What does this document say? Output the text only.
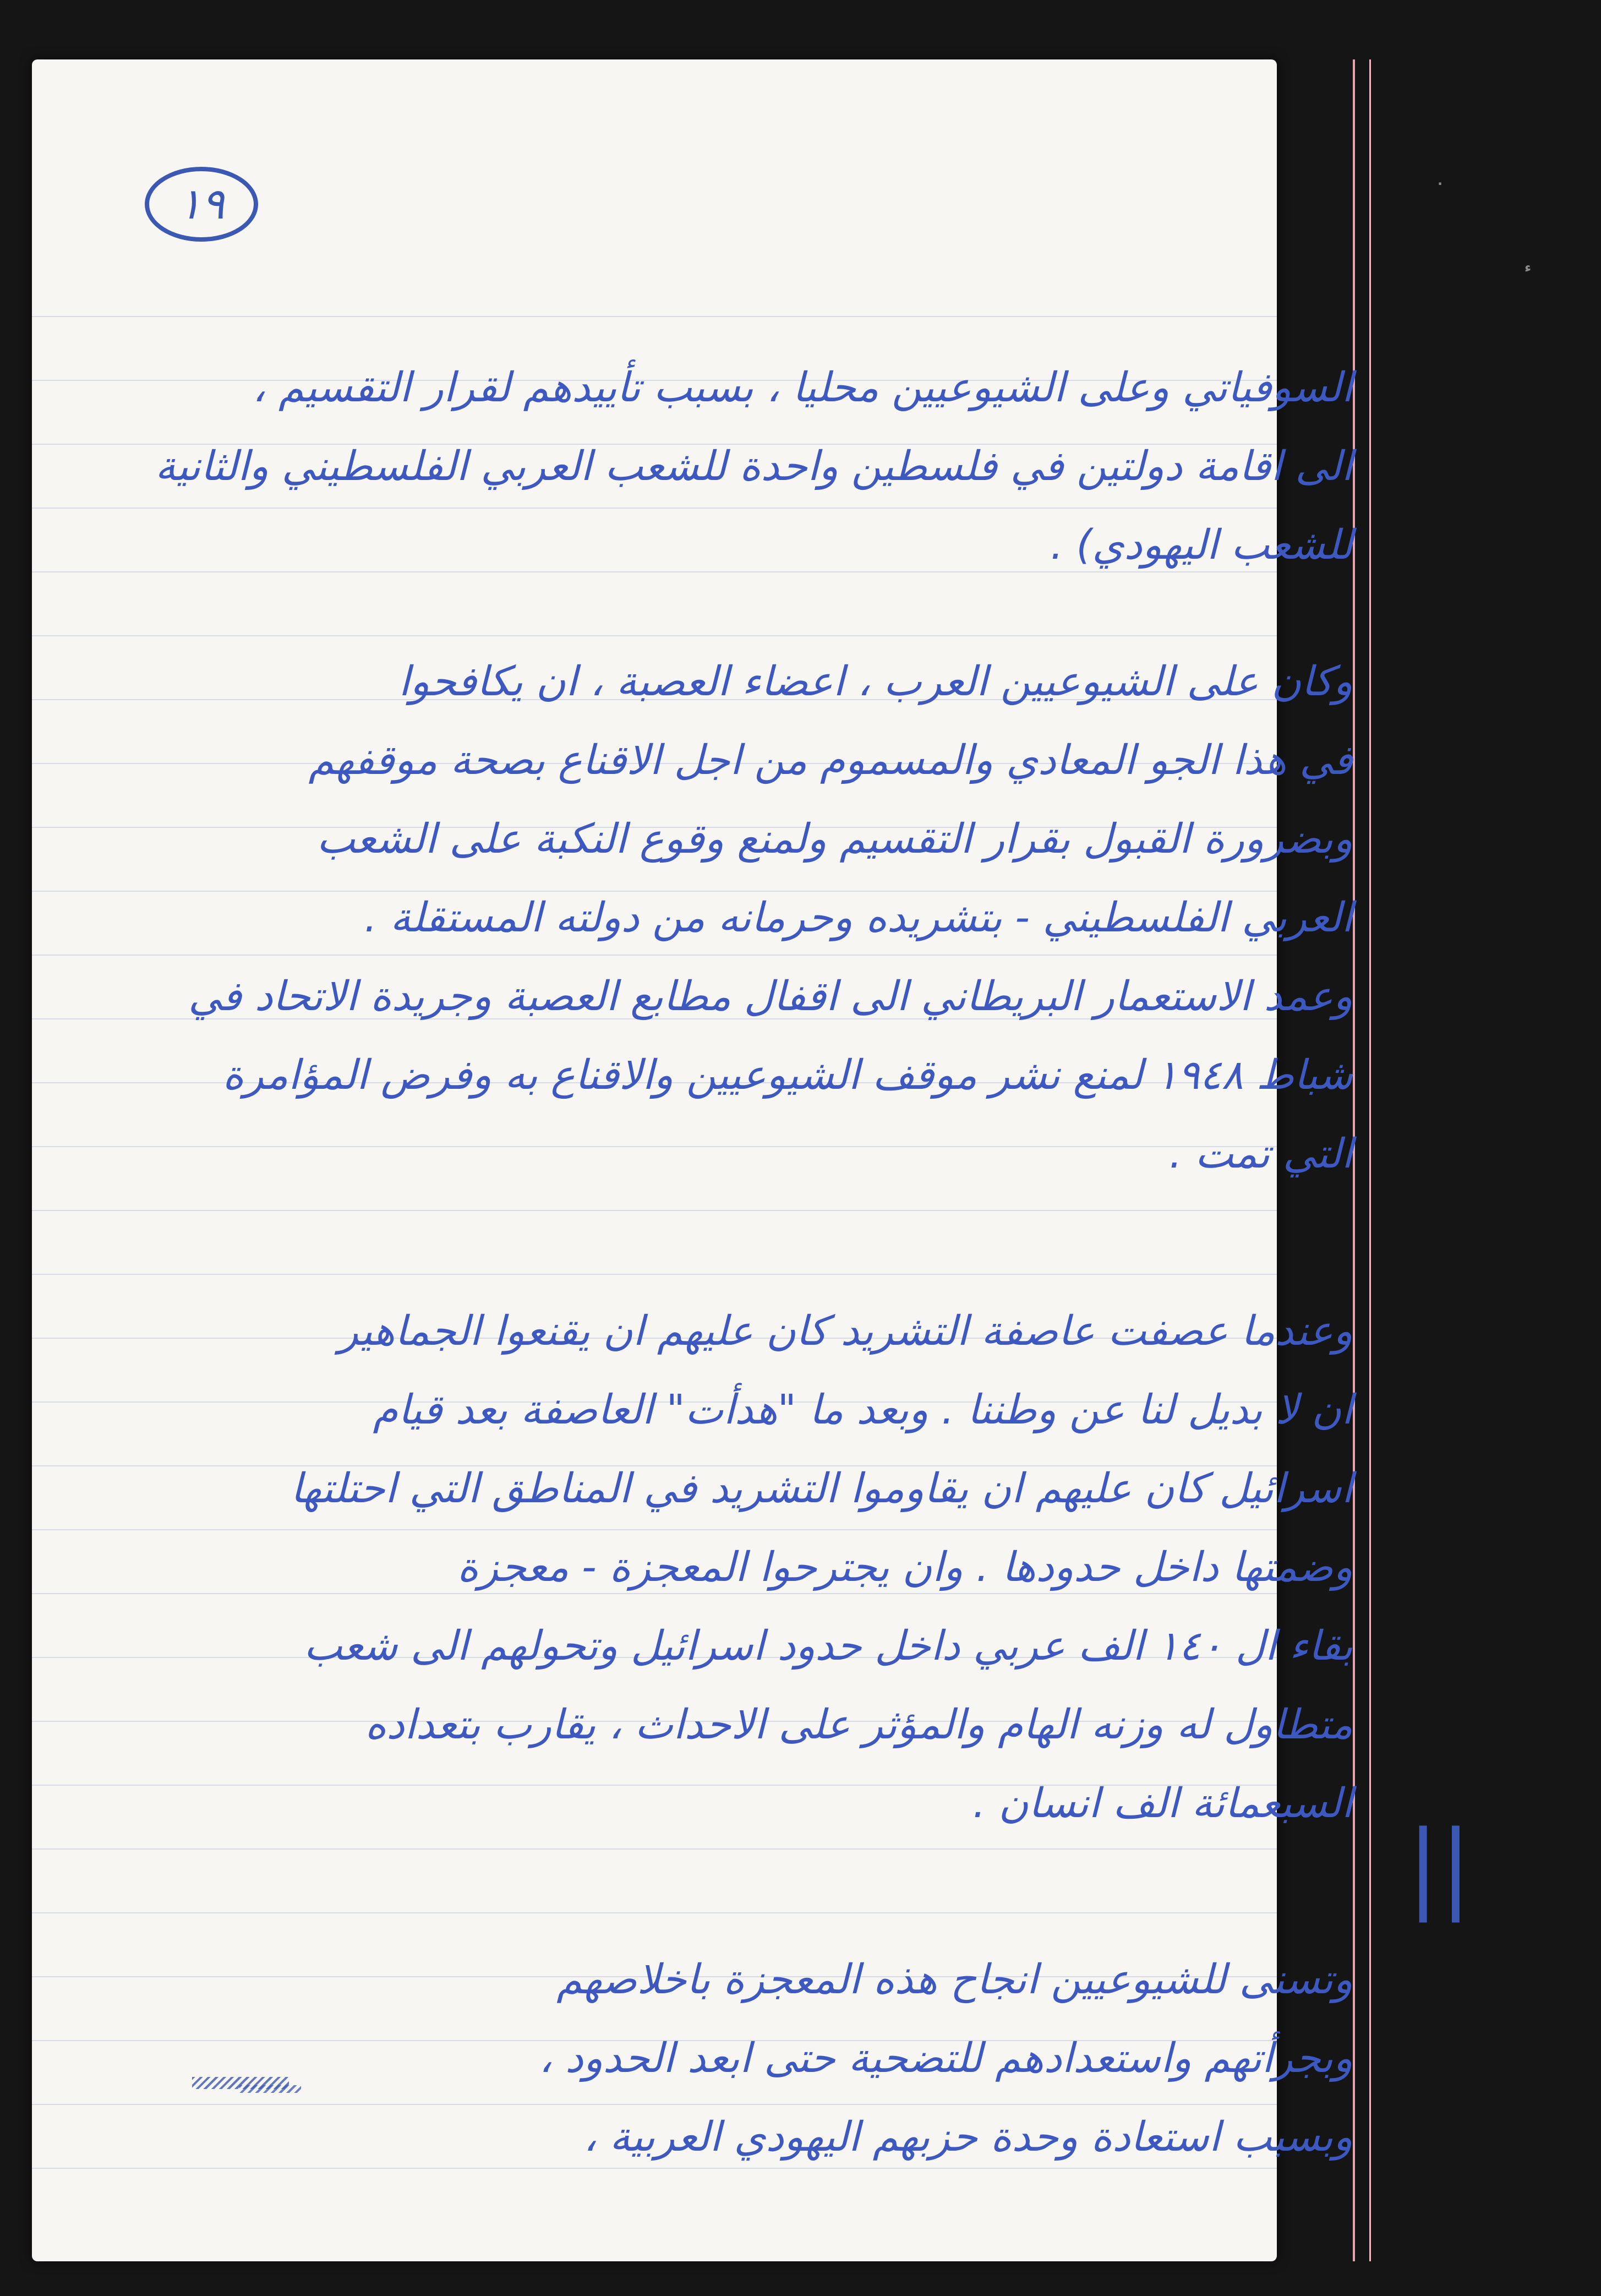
١٩	·
ء
السوفياتي وعلى الشيوعيين محليا ، بسبب تأييدهم لقرار التقسيم ،
الى اقامة دولتين في فلسطين واحدة للشعب العربي الفلسطيني والثانية
للشعب اليهودي) .
وكان على الشيوعيين العرب ، اعضاء العصبة ، ان يكافحوا
في هذا الجو المعادي والمسموم من اجل الاقناع بصحة موقفهم
وبضرورة القبول بقرار التقسيم ولمنع وقوع النكبة على الشعب
العربي الفلسطيني - بتشريده وحرمانه من دولته المستقلة .
وعمد الاستعمار البريطاني الى اقفال مطابع العصبة وجريدة الاتحاد في
شباط ١٩٤٨ لمنع نشر موقف الشيوعيين والاقناع به وفرض المؤامرة
التي تمت .
وعندما عصفت عاصفة التشريد كان عليهم ان يقنعوا الجماهير
ان لا بديل لنا عن وطننا . وبعد ما "هدأت" العاصفة بعد قيام
اسرائيل كان عليهم ان يقاوموا التشريد في المناطق التي احتلتها
وضمتها داخل حدودها . وان يجترحوا المعجزة - معجزة
بقاء ال ١٤٠ الف عربي داخل حدود اسرائيل وتحولهم الى شعب
متطاول له وزنه الهام والمؤثر على الاحداث ، يقارب بتعداده
السبعمائة الف انسان .
||
وتسنى للشيوعيين انجاح هذه المعجزة باخلاصهم
وبجرأتهم واستعدادهم للتضحية حتى ابعد الحدود ،
وبسبب استعادة وحدة حزبهم اليهودي العربية ،
